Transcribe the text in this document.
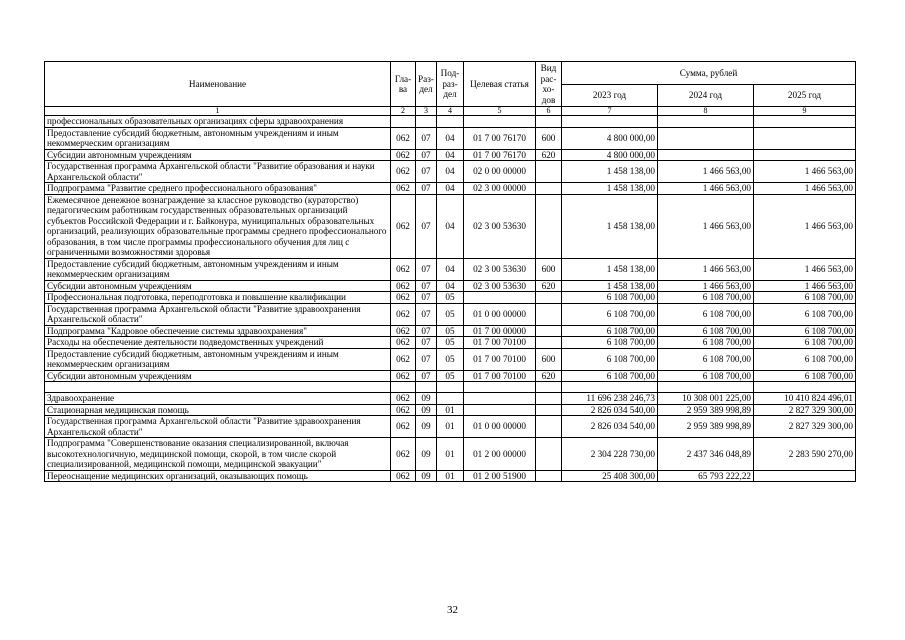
Наименование	Гла-ва	Раз-дел	Под-раз-дел	Целевая статья	Вид рас-хо-дов	Сумма, рублей		
						2023 год	2024 год	2025 год
1	2	3	4	5	6	7	8	9
профессиональных образовательных организациях сферы здравоохранения								
Предоставление субсидий бюджетным, автономным учреждениям и иным некоммерческим организациям	062	07	04	01 7 00 76170	600	4 800 000,00		
Субсидии автономным учреждениям	062	07	04	01 7 00 76170	620	4 800 000,00		
Государственная программа Архангельской области "Развитие образования и науки Архангельской области"	062	07	04	02 0 00 00000		1 458 138,00	1 466 563,00	1 466 563,00
Подпрограмма "Развитие среднего профессионального образования"	062	07	04	02 3 00 00000		1 458 138,00	1 466 563,00	1 466 563,00
Ежемесячное денежное вознаграждение за классное руководство (кураторство) педагогическим работникам государственных образовательных организаций субъектов Российской Федерации и г. Байконура, муниципальных образовательных организаций, реализующих образовательные программы среднего профессионального образования, в том числе программы профессионального обучения для лиц с ограниченными возможностями здоровья	062	07	04	02 3 00 53630		1 458 138,00	1 466 563,00	1 466 563,00
Предоставление субсидий бюджетным, автономным учреждениям и иным некоммерческим организациям	062	07	04	02 3 00 53630	600	1 458 138,00	1 466 563,00	1 466 563,00
Субсидии автономным учреждениям	062	07	04	02 3 00 53630	620	1 458 138,00	1 466 563,00	1 466 563,00
Профессиональная подготовка, переподготовка и повышение квалификации	062	07	05			6 108 700,00	6 108 700,00	6 108 700,00
Государственная программа Архангельской области "Развитие здравоохранения Архангельской области"	062	07	05	01 0 00 00000		6 108 700,00	6 108 700,00	6 108 700,00
Подпрограмма "Кадровое обеспечение системы здравоохранения"	062	07	05	01 7 00 00000		6 108 700,00	6 108 700,00	6 108 700,00
Расходы на обеспечение деятельности подведомственных учреждений	062	07	05	01 7 00 70100		6 108 700,00	6 108 700,00	6 108 700,00
Предоставление субсидий бюджетным, автономным учреждениям и иным некоммерческим организациям	062	07	05	01 7 00 70100	600	6 108 700,00	6 108 700,00	6 108 700,00
Субсидии автономным учреждениям	062	07	05	01 7 00 70100	620	6 108 700,00	6 108 700,00	6 108 700,00

Здравоохранение	062	09				11 696 238 246,73	10 308 001 225,00	10 410 824 496,01
Стационарная медицинская помощь	062	09	01			2 826 034 540,00	2 959 389 998,89	2 827 329 300,00
Государственная программа Архангельской области "Развитие здравоохранения Архангельской области"	062	09	01	01 0 00 00000		2 826 034 540,00	2 959 389 998,89	2 827 329 300,00
Подпрограмма "Совершенствование оказания специализированной, включая высокотехнологичную, медицинской помощи, скорой, в том числе скорой специализированной, медицинской помощи, медицинской эвакуации"	062	09	01	01 2 00 00000		2 304 228 730,00	2 437 346 048,89	2 283 590 270,00
Переоснащение медицинских организаций, оказывающих помощь	062	09	01	01 2 00 51900		25 408 300,00	65 793 222,22	
32
